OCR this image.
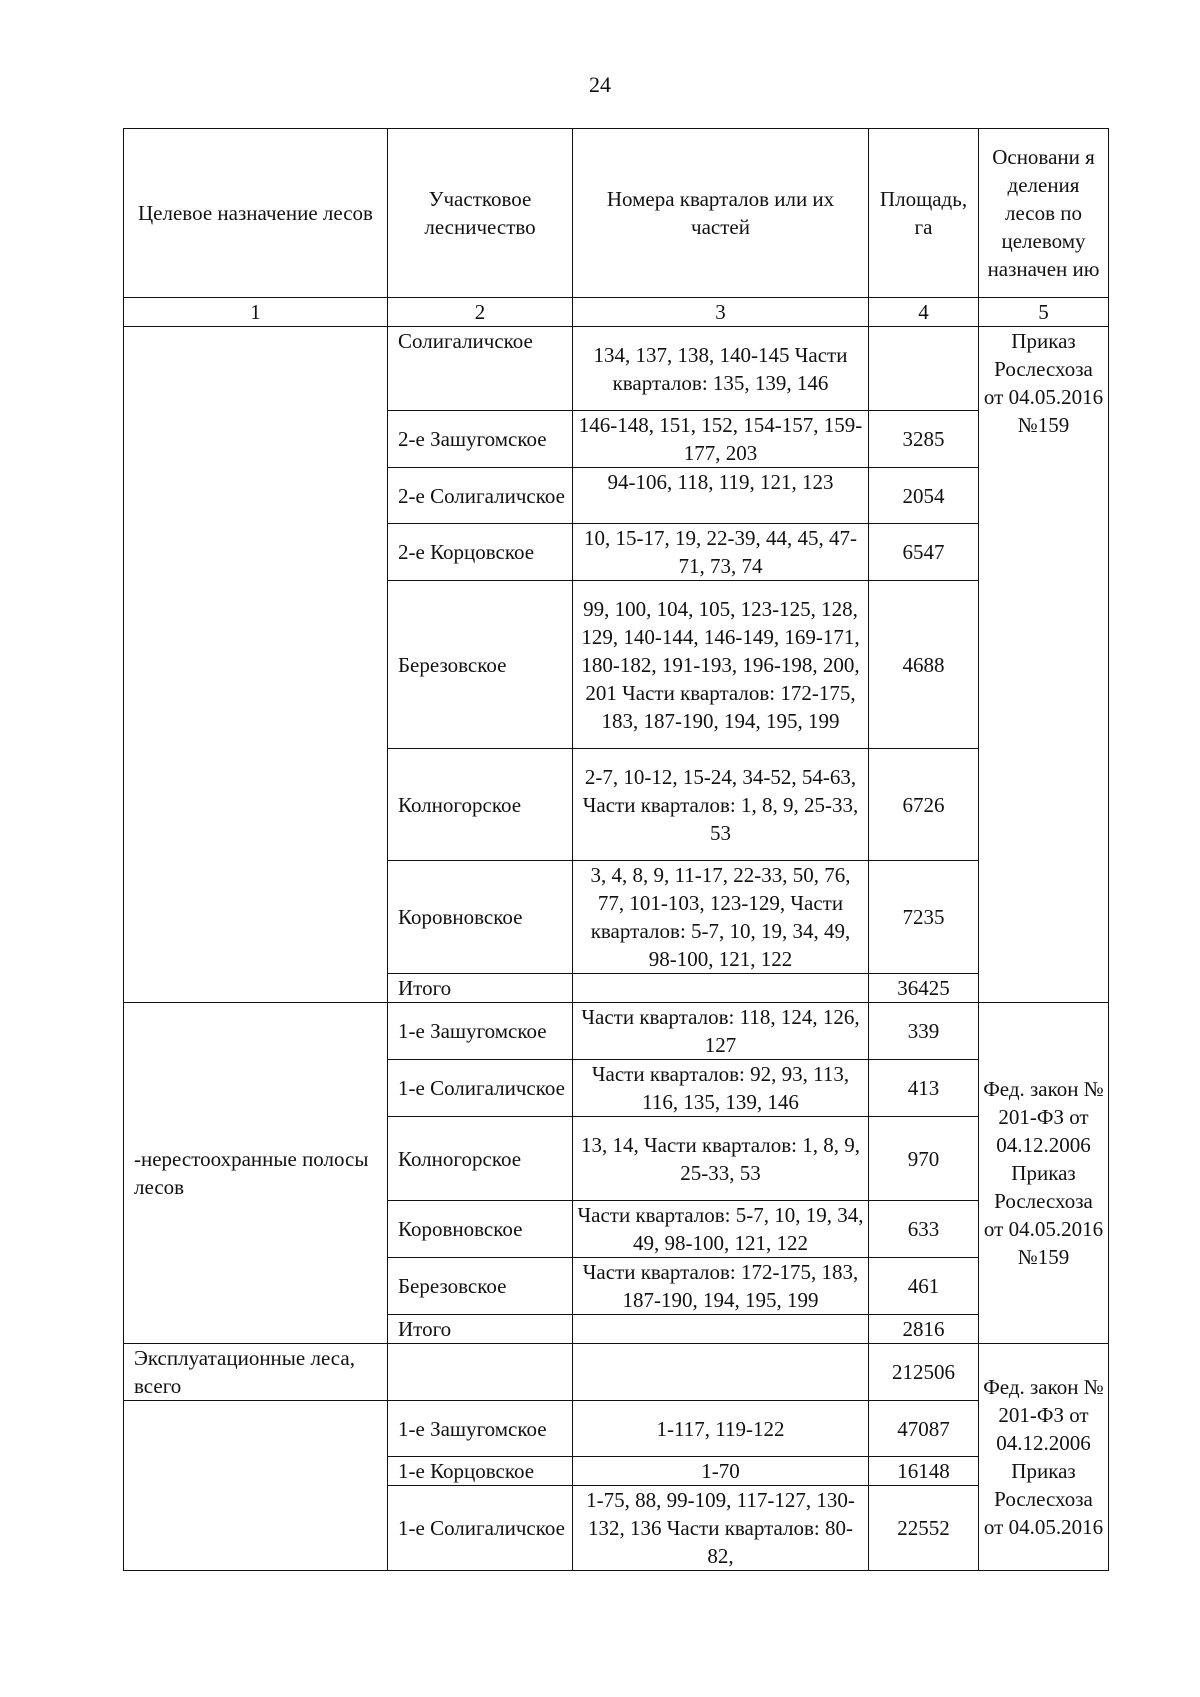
24
Целевое назначение лесов	Участковое лесничество	Номера кварталов или их частей	Площадь, га	Основани я деления лесов по целевому назначен ию
1	2	3	4	5
	Солигаличское	134, 137, 138, 140-145 Части кварталов: 135, 139, 146		Приказ Рослесхоза от 04.05.2016 №159
	2-е Зашугомское	146-148, 151, 152, 154-157, 159-177, 203	3285	
	2-е Солигаличское	94-106, 118, 119, 121, 123	2054	
	2-е Корцовское	10, 15-17, 19, 22-39, 44, 45, 47-71, 73, 74	6547	
	Березовское	99, 100, 104, 105, 123-125, 128, 129, 140-144, 146-149, 169-171, 180-182, 191-193, 196-198, 200, 201 Части кварталов: 172-175, 183, 187-190, 194, 195, 199	4688	
	Колногорское	2-7, 10-12, 15-24, 34-52, 54-63, Части кварталов: 1, 8, 9, 25-33, 53	6726	
	Коровновское	3, 4, 8, 9, 11-17, 22-33, 50, 76, 77, 101-103, 123-129, Части кварталов: 5-7, 10, 19, 34, 49, 98-100, 121, 122	7235	
	Итого		36425	
-нерестоохранные полосы лесов	1-е Зашугомское	Части кварталов: 118, 124, 126, 127	339	Фед. закон № 201-ФЗ от 04.12.2006 Приказ Рослесхоза от 04.05.2016 №159
	1-е Солигаличское	Части кварталов: 92, 93, 113, 116, 135, 139, 146	413	
	Колногорское	13, 14, Части кварталов: 1, 8, 9, 25-33, 53	970	
	Коровновское	Части кварталов: 5-7, 10, 19, 34, 49, 98-100, 121, 122	633	
	Березовское	Части кварталов: 172-175, 183, 187-190, 194, 195, 199	461	
	Итого		2816	
Эксплуатационные леса, всего			212506	Фед. закон № 201-ФЗ от 04.12.2006 Приказ Рослесхоза от 04.05.2016
	1-е Зашугомское	1-117, 119-122	47087	
	1-е Корцовское	1-70	16148	
	1-е Солигаличское	1-75, 88, 99-109, 117-127, 130-132, 136 Части кварталов: 80-82,	22552	
